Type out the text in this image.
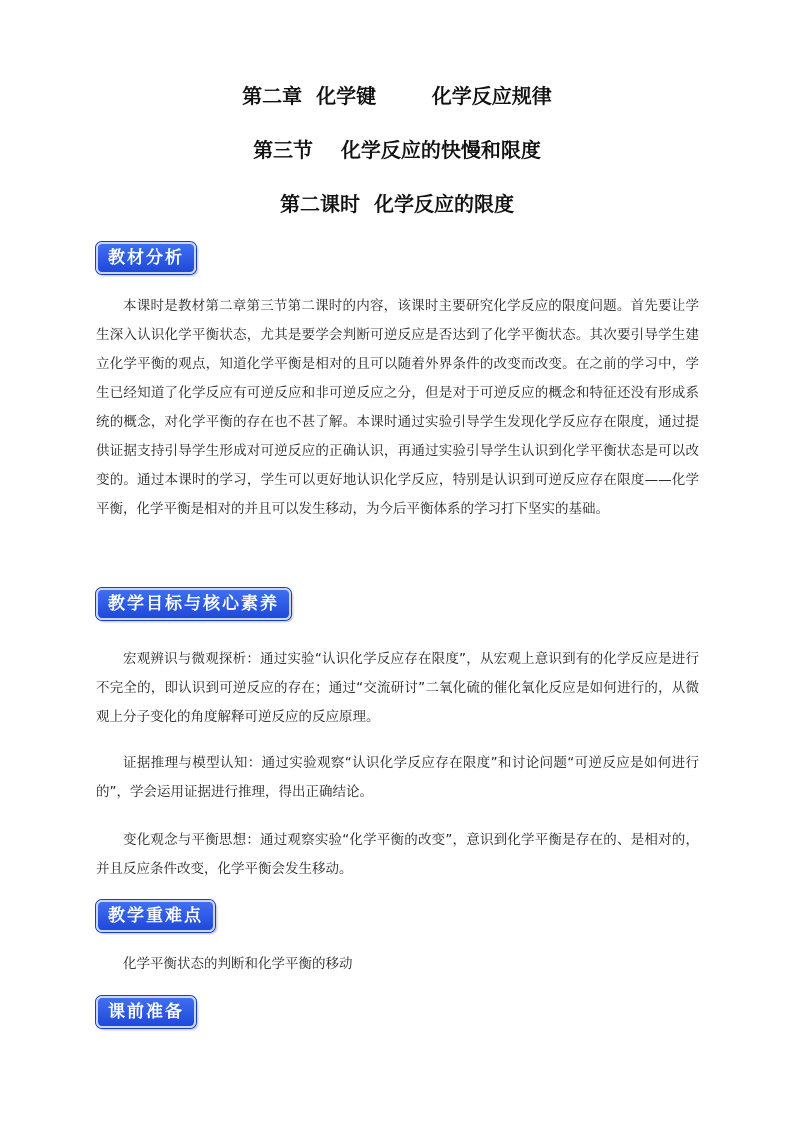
第二章  化学键        化学反应规律
第三节    化学反应的快慢和限度
第二课时  化学反应的限度
教材分析

本课时是教材第二章第三节第二课时的内容，该课时主要研究化学反应的限度问题。首先要让学生深入认识化学平衡状态，尤其是要学会判断可逆反应是否达到了化学平衡状态。其次要引导学生建立化学平衡的观点，知道化学平衡是相对的且可以随着外界条件的改变而改变。在之前的学习中，学生已经知道了化学反应有可逆反应和非可逆反应之分，但是对于可逆反应的概念和特征还没有形成系统的概念，对化学平衡的存在也不甚了解。本课时通过实验引导学生发现化学反应存在限度，通过提供证据支持引导学生形成对可逆反应的正确认识，再通过实验引导学生认识到化学平衡状态是可以改变的。通过本课时的学习，学生可以更好地认识化学反应，特别是认识到可逆反应存在限度——化学平衡，化学平衡是相对的并且可以发生移动，为今后平衡体系的学习打下坚实的基础。

教学目标与核心素养

宏观辨识与微观探析：通过实验“认识化学反应存在限度”，从宏观上意识到有的化学反应是进行不完全的，即认识到可逆反应的存在；通过“交流研讨”二氧化硫的催化氧化反应是如何进行的，从微观上分子变化的角度解释可逆反应的反应原理。

证据推理与模型认知：通过实验观察“认识化学反应存在限度”和讨论问题“可逆反应是如何进行的”，学会运用证据进行推理，得出正确结论。

变化观念与平衡思想：通过观察实验“化学平衡的改变”，意识到化学平衡是存在的、是相对的，并且反应条件改变，化学平衡会发生移动。

教学重难点

化学平衡状态的判断和化学平衡的移动

课前准备
